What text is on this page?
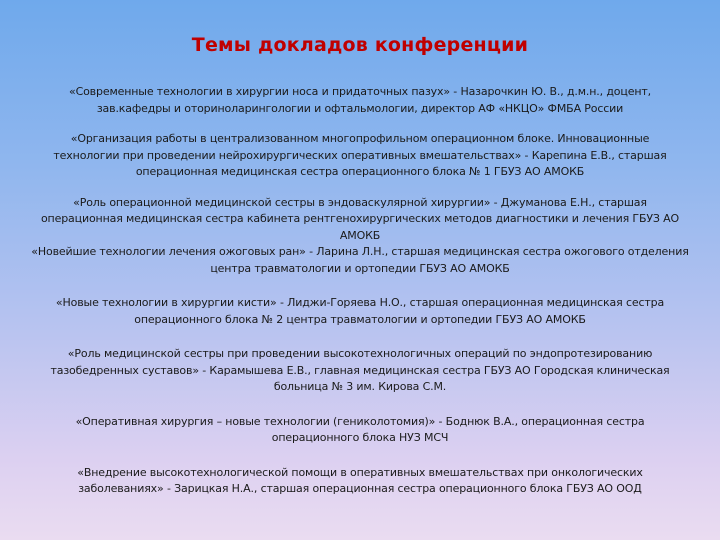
Темы докладов конференции

«Современные технологии в хирургии носа и придаточных пазух» - Назарочкин Ю. В., д.м.н., доцент,

зав.кафедры и оториноларингологии и офтальмологии, директор АФ «НКЦО» ФМБА России

«Организация работы в централизованном многопрофильном операционном блоке. Инновационные

технологии при проведении нейрохирургических оперативных вмешательствах» - Карепина Е.В., старшая

операционная медицинская сестра операционного блока № 1 ГБУЗ АО АМОКБ

«Роль операционной медицинской сестры в эндоваскулярной хирургии» - Джуманова Е.Н., старшая

операционная медицинская сестра кабинета рентгенохирургических методов диагностики и лечения ГБУЗ АО

АМОКБ

«Новейшие технологии лечения ожоговых ран» - Ларина Л.Н., старшая медицинская сестра ожогового отделения

центра травматологии и ортопедии ГБУЗ АО АМОКБ

«Новые технологии в хирургии кисти» - Лиджи-Горяева Н.О., старшая операционная медицинская сестра

операционного блока № 2 центра травматологии и ортопедии ГБУЗ АО АМОКБ

«Роль медицинской сестры при проведении высокотехнологичных операций по эндопротезированию

тазобедренных суставов» - Карамышева Е.В., главная медицинская сестра ГБУЗ АО Городская клиническая

больница № 3 им. Кирова С.М.

«Оперативная хирургия – новые технологии (гениколотомия)» - Боднюк В.А., операционная сестра

операционного блока НУЗ МСЧ

«Внедрение высокотехнологической помощи в оперативных вмешательствах при онкологических

заболеваниях» - Зарицкая Н.А., старшая операционная сестра операционного блока ГБУЗ АО ООД
